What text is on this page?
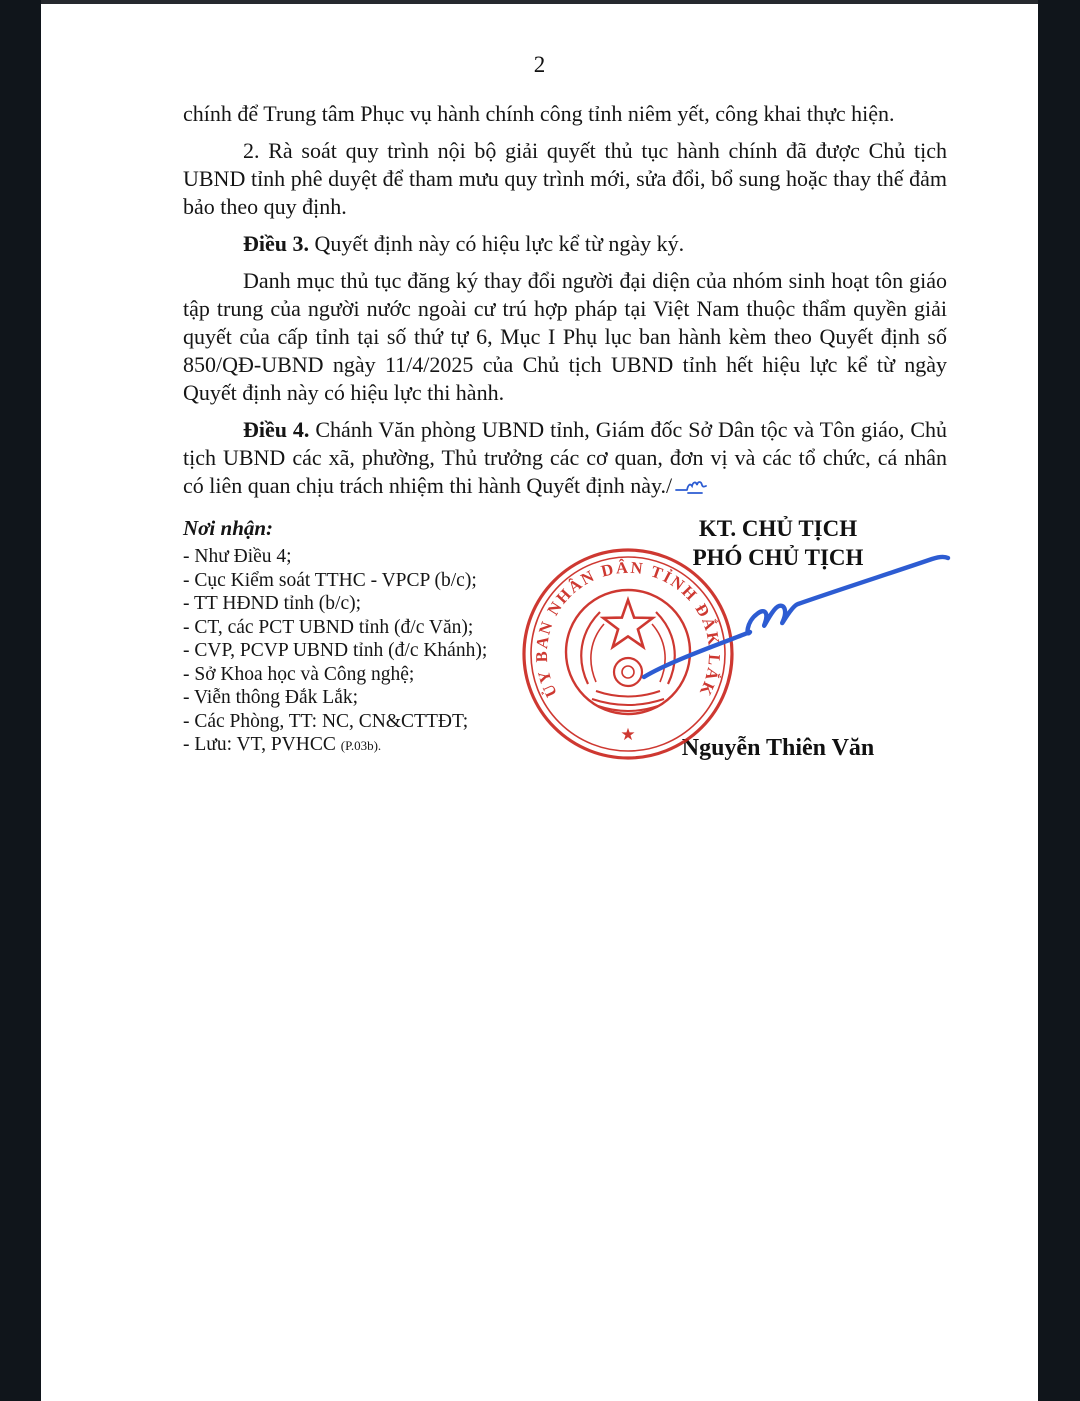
2

chính để Trung tâm Phục vụ hành chính công tỉnh niêm yết, công khai thực hiện.

2. Rà soát quy trình nội bộ giải quyết thủ tục hành chính đã được Chủ tịch UBND tỉnh phê duyệt để tham mưu quy trình mới, sửa đổi, bổ sung hoặc thay thế đảm bảo theo quy định.

Điều 3. Quyết định này có hiệu lực kể từ ngày ký.

Danh mục thủ tục đăng ký thay đổi người đại diện của nhóm sinh hoạt tôn giáo tập trung của người nước ngoài cư trú hợp pháp tại Việt Nam thuộc thẩm quyền giải quyết của cấp tỉnh tại số thứ tự 6, Mục I Phụ lục ban hành kèm theo Quyết định số 850/QĐ-UBND ngày 11/4/2025 của Chủ tịch UBND tỉnh hết hiệu lực kể từ ngày Quyết định này có hiệu lực thi hành.

Điều 4. Chánh Văn phòng UBND tỉnh, Giám đốc Sở Dân tộc và Tôn giáo, Chủ tịch UBND các xã, phường, Thủ trưởng các cơ quan, đơn vị và các tổ chức, cá nhân có liên quan chịu trách nhiệm thi hành Quyết định này./

Nơi nhận:
- Như Điều 4;
- Cục Kiểm soát TTHC - VPCP (b/c);
- TT HĐND tỉnh (b/c);
- CT, các PCT UBND tỉnh (đ/c Văn);
- CVP, PCVP UBND tỉnh (đ/c Khánh);
- Sở Khoa học và Công nghệ;
- Viễn thông Đắk Lắk;
- Các Phòng, TT: NC, CN&CTTĐT;
- Lưu: VT, PVHCC (P.03b).
KT. CHỦ TỊCH
PHÓ CHỦ TỊCH
ỦY BAN NHÂN DÂN TỈNH ĐẮK LẮK
★
Nguyễn Thiên Văn
